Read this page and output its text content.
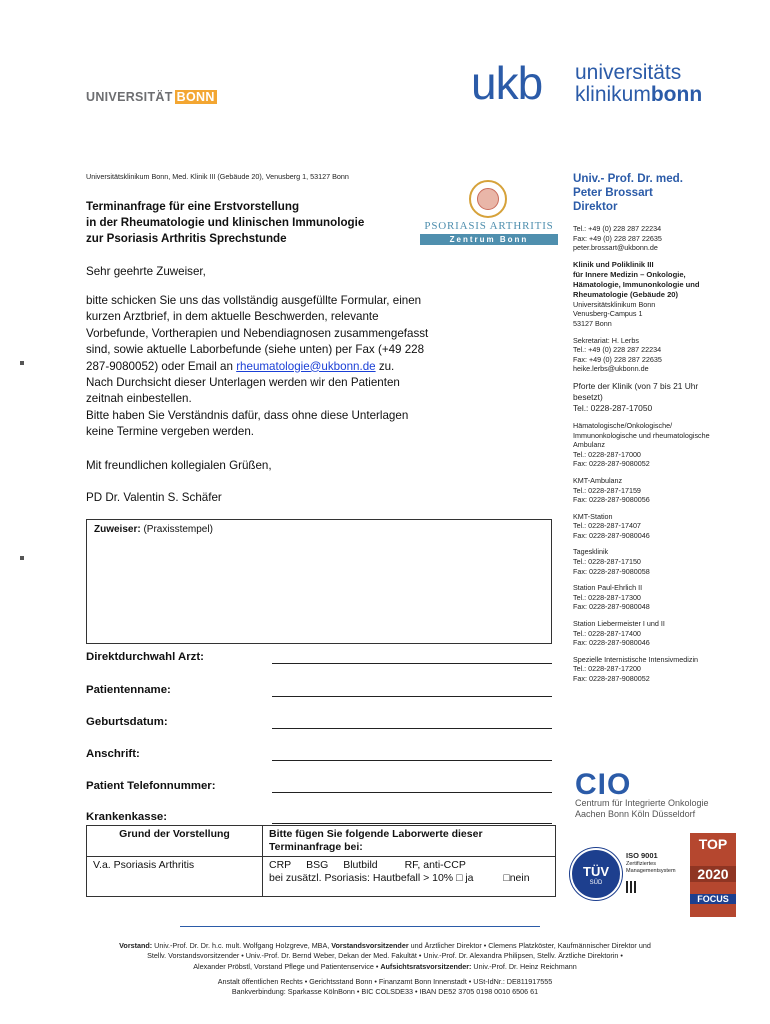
UNIVERSITÄT BONN	ukb universitäts
klinikumbonn
Universitätsklinikum Bonn, Med. Klinik III (Gebäude 20), Venusberg 1, 53127 Bonn
Terminanfrage für eine Erstvorstellung
in der Rheumatologie und klinischen Immunologie
zur Psoriasis Arthritis Sprechstunde
PSORIASIS ARTHRITIS
Zentrum Bonn
Sehr geehrte Zuweiser,
bitte schicken Sie uns das vollständig ausgefüllte Formular, einen
kurzen Arztbrief, in dem aktuelle Beschwerden, relevante
Vorbefunde, Vortherapien und Nebendiagnosen zusammengefasst
sind, sowie aktuelle Laborbefunde (siehe unten) per Fax (+49 228
287-9080052) oder Email an rheumatologie@ukbonn.de zu.
Nach Durchsicht dieser Unterlagen werden wir den Patienten
zeitnah einbestellen.
Bitte haben Sie Verständnis dafür, dass ohne diese Unterlagen
keine Termine vergeben werden.
Mit freundlichen kollegialen Grüßen,
PD Dr. Valentin S. Schäfer
Zuweiser: (Praxisstempel)
Direktdurchwahl Arzt:
Patientenname:
Geburtsdatum:
Anschrift:
Patient Telefonnummer:
Krankenkasse:
Grund der Vorstellung	Bitte fügen Sie folgende Laborwerte dieser
Terminanfrage bei:

V.a. Psoriasis Arthritis	CRP BSG Blutbild RF, anti-CCP
bei zusätzl. Psoriasis: Hautbefall > 10% □ ja □nein
Univ.- Prof. Dr. med.
Peter Brossart
Direktor
Tel.: +49 (0) 228 287 22234
Fax: +49 (0) 228 287 22635
peter.brossart@ukbonn.de
Klinik und Poliklinik III
für Innere Medizin – Onkologie,
Hämatologie, Immunonkologie und
Rheumatologie (Gebäude 20)
Universitätsklinikum Bonn
Venusberg-Campus 1
53127 Bonn
Sekretariat: H. Lerbs
Tel.: +49 (0) 228 287 22234
Fax: +49 (0) 228 287 22635
heike.lerbs@ukbonn.de
Pforte der Klinik (von 7 bis 21 Uhr
besetzt)
Tel.: 0228-287-17050
Hämatologische/Onkologische/
Immunonkologische und rheumatologische
Ambulanz
Tel.: 0228-287-17000
Fax: 0228-287-9080052
KMT-Ambulanz
Tel.: 0228-287-17159
Fax: 0228-287-9080056
KMT-Station
Tel.: 0228-287-17407
Fax: 0228-287-9080046
Tagesklinik
Tel.: 0228-287-17150
Fax: 0228-287-9080058
Station Paul-Ehrlich II
Tel.: 0228-287-17300
Fax: 0228-287-9080048
Station Liebermeister I und II
Tel.: 0228-287-17400
Fax: 0228-287-9080046
Spezielle Internistische Intensivmedizin
Tel.: 0228-287-17200
Fax: 0228-287-9080052
CIO
Centrum für Integrierte Onkologie
Aachen Bonn Köln Düsseldorf
TÜV
SÜD
ISO 9001
Zertifiziertes
Managementsystem
TOP
2020
FOCUS
Vorstand: Univ.-Prof. Dr. Dr. h.c. mult. Wolfgang Holzgreve, MBA, Vorstandsvorsitzender und Ärztlicher Direktor • Clemens Platzköster, Kaufmännischer Direktor und
Stellv. Vorstandsvorsitzender • Univ.-Prof. Dr. Bernd Weber, Dekan der Med. Fakultät • Univ.-Prof. Dr. Alexandra Philipsen, Stellv. Ärztliche Direktorin •
Alexander Pröbstl, Vorstand Pflege und Patientenservice • Aufsichtsratsvorsitzender: Univ.-Prof. Dr. Heinz Reichmann
Anstalt öffentlichen Rechts • Gerichtsstand Bonn • Finanzamt Bonn Innenstadt • USt-IdNr.: DE811917555
Bankverbindung: Sparkasse KölnBonn • BIC COLSDE33 • IBAN DE52 3705 0198 0010 6506 61
